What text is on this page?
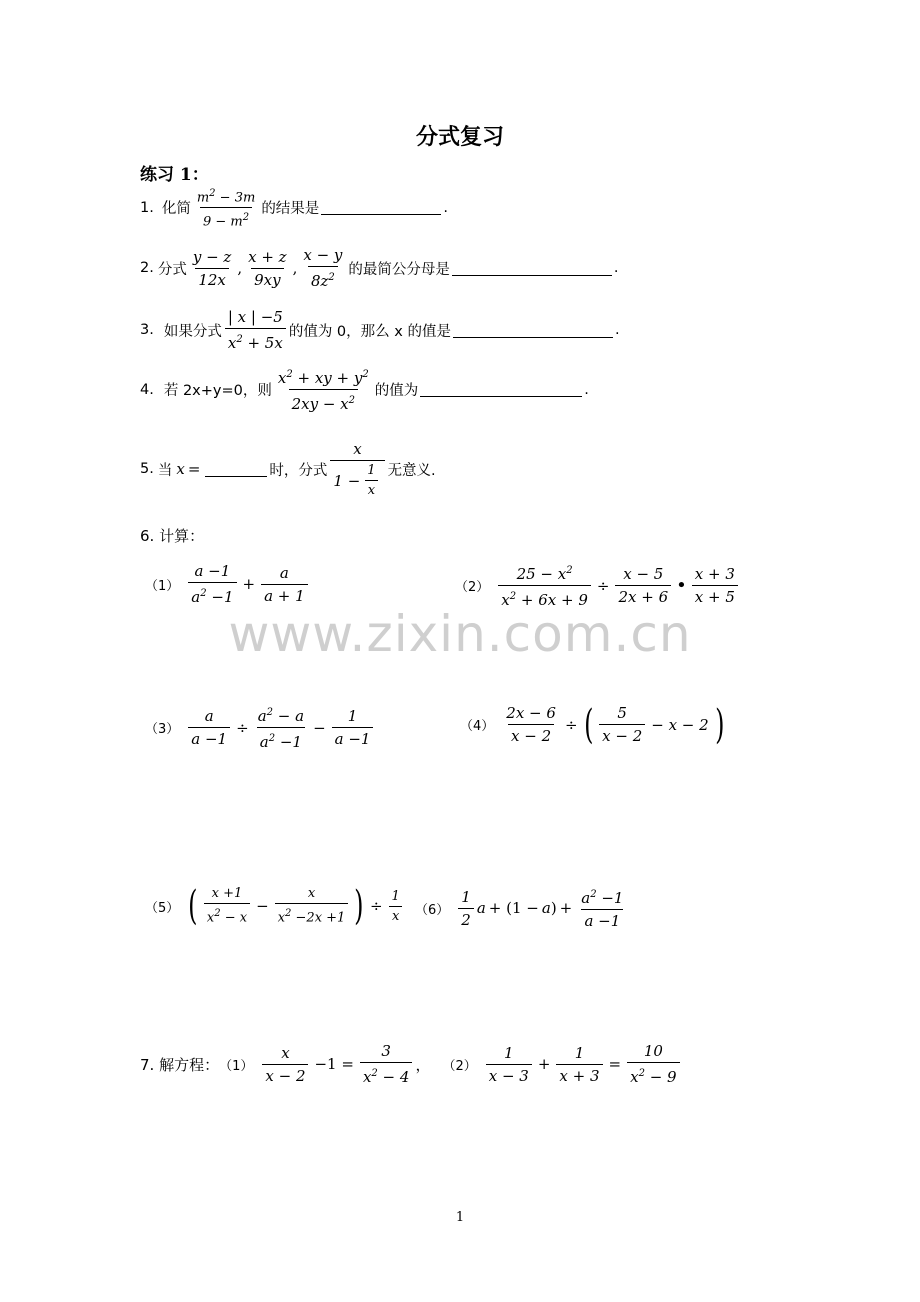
分式复习
练习 1：
1. 化简 $\frac{m^2 - 3m}{9 - m^2}$ 的结果是	.
2. 分式 $\frac{y - z}{12x}$ , $\frac{x + z}{9xy}$ , $\frac{x - y}{8z^2}$ 的最简公分母是	.
3. 如果分式 $\frac{| x | -5}{x^2 + 5x}$ 的值为 0，那么 x 的值是	.
4. 若 2x+y=0，则 $\frac{x^2 + xy + y^2}{2xy - x^2}$ 的值为	.
5. 当 x =	时，分式 $\frac{x}{1 - \frac{1}{x}}$ 无意义.
6. 计算：
$(1) \frac{a -1}{a^2 -1} + \frac{a}{a + 1}$	$(2) \frac{25 - x^2}{x^2 + 6x + 9} \div \frac{x - 5}{2x + 6}$ • $\frac{x + 3}{x + 5}$
www.zixin.com.cn
$(3) \frac{a}{a -1} \div \frac{a^2 - a}{a^2 -1} - \frac{1}{a -1}$	$(4) \frac{2x - 6}{x - 2}$ ÷ ( $\frac{5}{x - 2} - x - 2$ )
（5） ( $\frac{x +1}{x^2 - x} - \frac{x}{x^2 -2x +1}$ ) ÷ $\frac{1}{x} (6) \frac{1}{2}$ a + (1 − a ) + $\frac{a^2 -1}{a -1}$
7. 解方程： $(1) \frac{x}{x - 2} -1 = \frac{3}{x^2 - 4}$ ， $(2) \frac{1}{x - 3} + \frac{1}{x + 3} = \frac{10}{x^2 - 9}$
1
